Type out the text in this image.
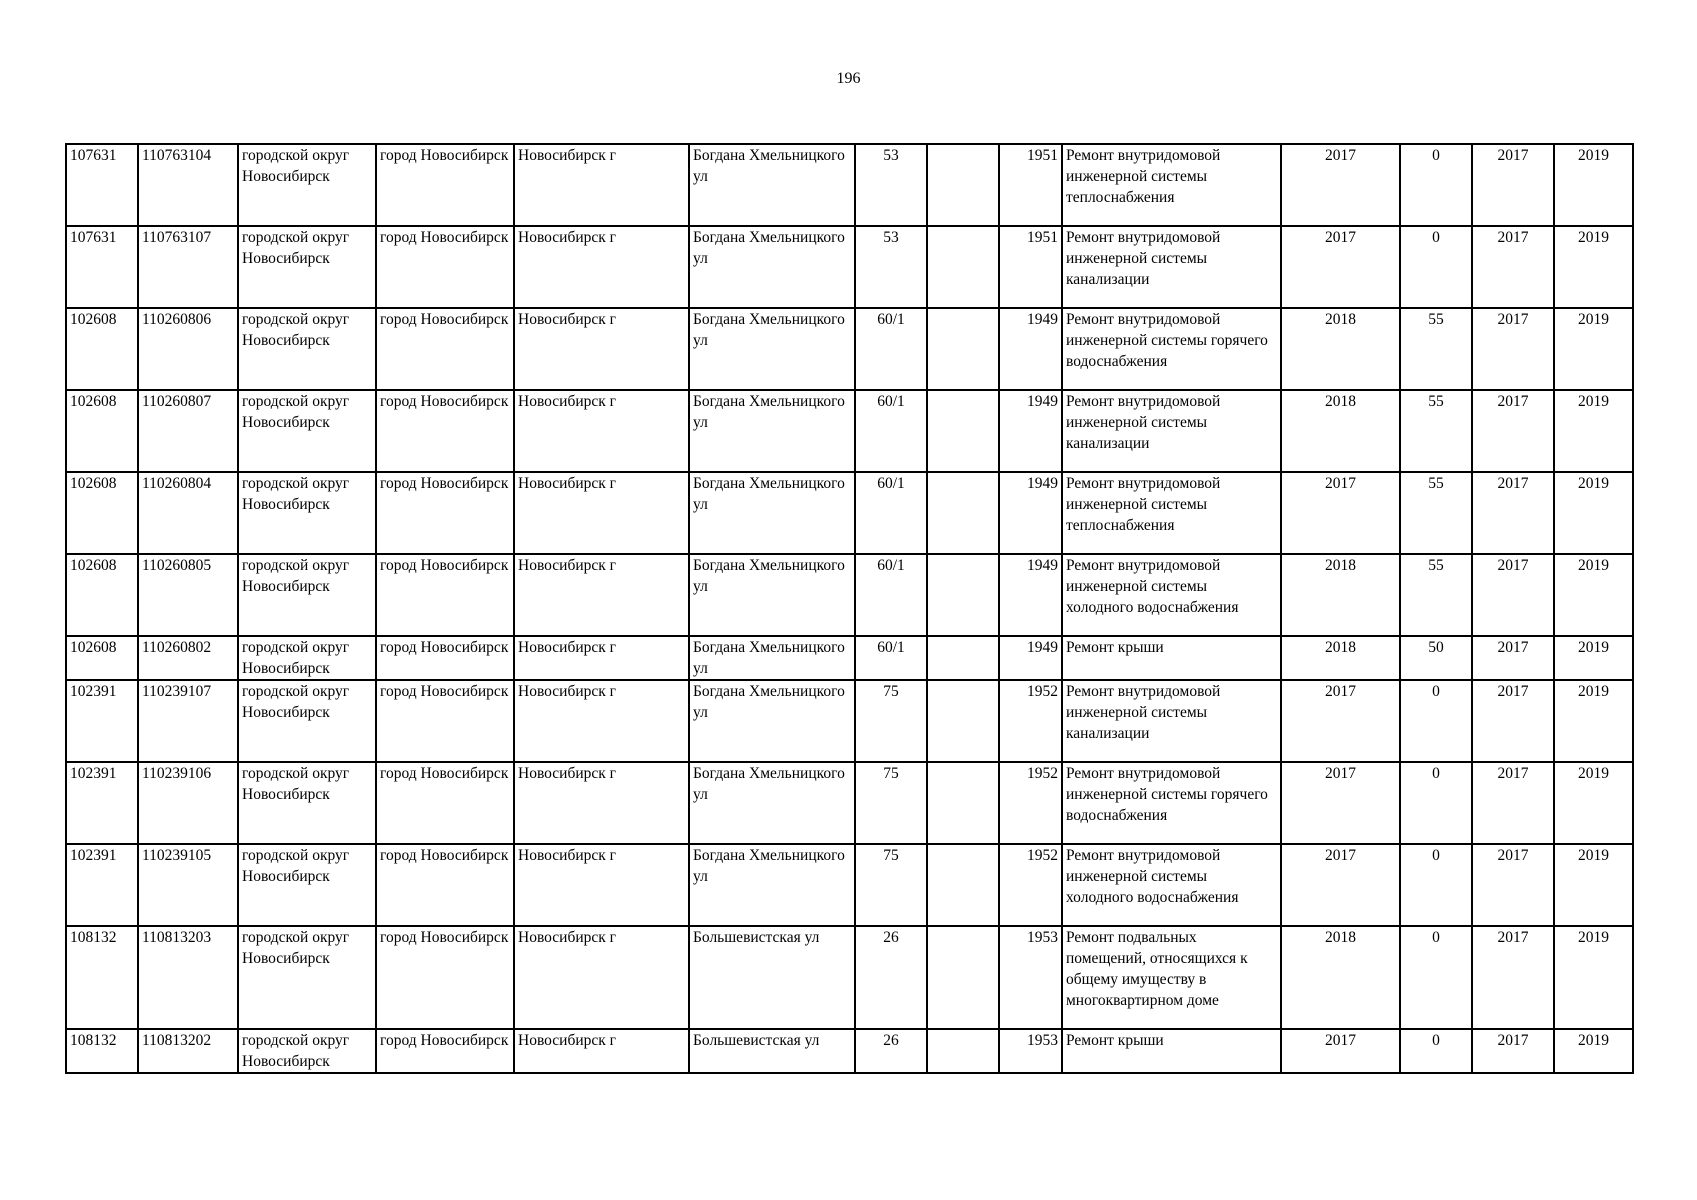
196
107631	110763104	городской округ Новосибирск	город Новосибирск	Новосибирск г	Богдана Хмельницкого ул	53		1951	Ремонт внутридомовой инженерной системы теплоснабжения	2017	0	2017	2019
107631	110763107	городской округ Новосибирск	город Новосибирск	Новосибирск г	Богдана Хмельницкого ул	53		1951	Ремонт внутридомовой инженерной системы канализации	2017	0	2017	2019
102608	110260806	городской округ Новосибирск	город Новосибирск	Новосибирск г	Богдана Хмельницкого ул	60/1		1949	Ремонт внутридомовой инженерной системы горячего водоснабжения	2018	55	2017	2019
102608	110260807	городской округ Новосибирск	город Новосибирск	Новосибирск г	Богдана Хмельницкого ул	60/1		1949	Ремонт внутридомовой инженерной системы канализации	2018	55	2017	2019
102608	110260804	городской округ Новосибирск	город Новосибирск	Новосибирск г	Богдана Хмельницкого ул	60/1		1949	Ремонт внутридомовой инженерной системы теплоснабжения	2017	55	2017	2019
102608	110260805	городской округ Новосибирск	город Новосибирск	Новосибирск г	Богдана Хмельницкого ул	60/1		1949	Ремонт внутридомовой инженерной системы холодного водоснабжения	2018	55	2017	2019
102608	110260802	городской округ Новосибирск	город Новосибирск	Новосибирск г	Богдана Хмельницкого ул	60/1		1949	Ремонт крыши	2018	50	2017	2019
102391	110239107	городской округ Новосибирск	город Новосибирск	Новосибирск г	Богдана Хмельницкого ул	75		1952	Ремонт внутридомовой инженерной системы канализации	2017	0	2017	2019
102391	110239106	городской округ Новосибирск	город Новосибирск	Новосибирск г	Богдана Хмельницкого ул	75		1952	Ремонт внутридомовой инженерной системы горячего водоснабжения	2017	0	2017	2019
102391	110239105	городской округ Новосибирск	город Новосибирск	Новосибирск г	Богдана Хмельницкого ул	75		1952	Ремонт внутридомовой инженерной системы холодного водоснабжения	2017	0	2017	2019
108132	110813203	городской округ Новосибирск	город Новосибирск	Новосибирск г	Большевистская ул	26		1953	Ремонт подвальных помещений, относящихся к общему имуществу в многоквартирном доме	2018	0	2017	2019
108132	110813202	городской округ Новосибирск	город Новосибирск	Новосибирск г	Большевистская ул	26		1953	Ремонт крыши	2017	0	2017	2019
